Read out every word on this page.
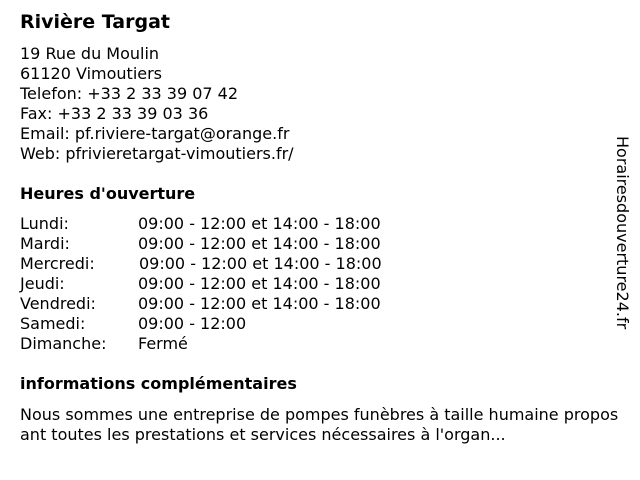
Rivière Targat
19 Rue du Moulin
61120 Vimoutiers
Telefon: +33 2 33 39 07 42
Fax: +33 2 33 39 03 36
Email: pf.riviere-targat@orange.fr
Web: pfrivieretargat-vimoutiers.fr/
Heures d'ouverture
Lundi:	09:00 - 12:00 et 14:00 - 18:00
Mardi:	09:00 - 12:00 et 14:00 - 18:00
Mercredi:	09:00 - 12:00 et 14:00 - 18:00
Jeudi:	09:00 - 12:00 et 14:00 - 18:00
Vendredi:	09:00 - 12:00 et 14:00 - 18:00
Samedi:	09:00 - 12:00
Dimanche: Fermé
informations complémentaires
Nous sommes une entreprise de pompes funèbres à taille humaine proposant toutes les prestations et services nécessaires à l'organ...
Horairesdouverture24.fr
